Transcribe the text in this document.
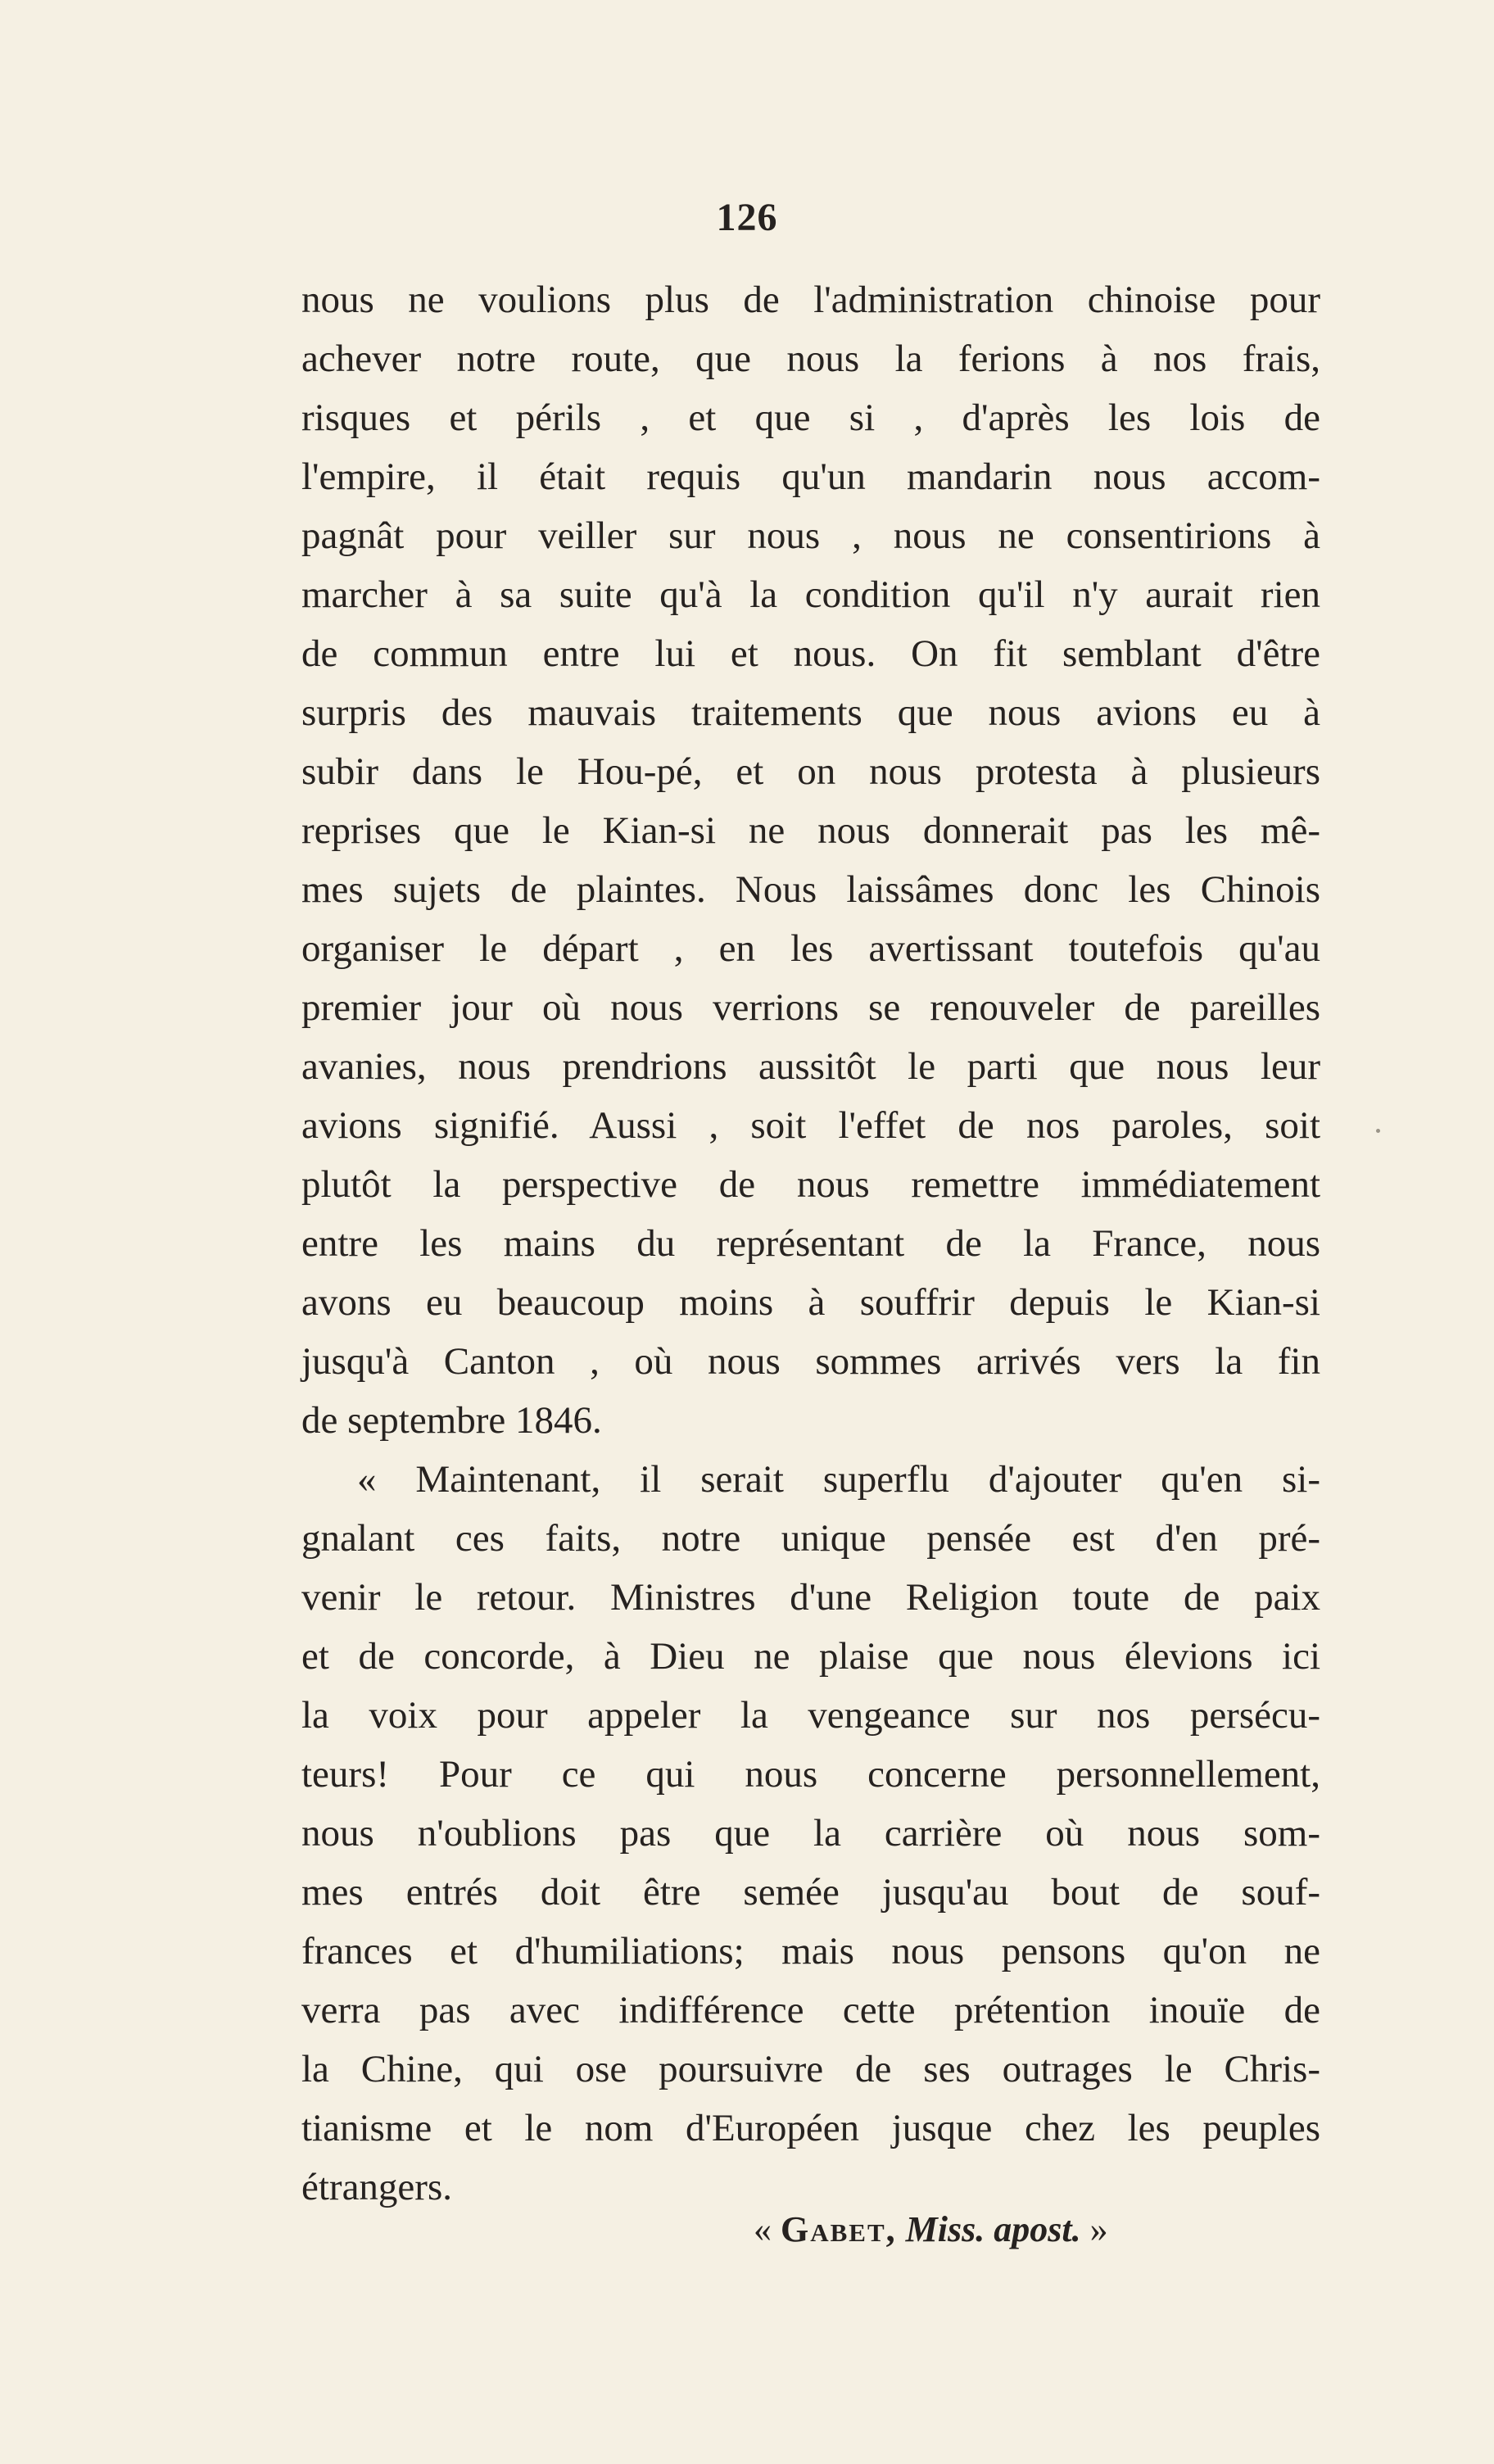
126
nous ne voulions plus de l'administration chinoise pour
achever notre route, que nous la ferions à nos frais,
risques et périls , et que si , d'après les lois de
l'empire, il était requis qu'un mandarin nous accom-
pagnât pour veiller sur nous , nous ne consentirions à
marcher à sa suite qu'à la condition qu'il n'y aurait rien
de commun entre lui et nous. On fit semblant d'être
surpris des mauvais traitements que nous avions eu à
subir dans le Hou-pé, et on nous protesta à plusieurs
reprises que le Kian-si ne nous donnerait pas les mê-
mes sujets de plaintes. Nous laissâmes donc les Chinois
organiser le départ , en les avertissant toutefois qu'au
premier jour où nous verrions se renouveler de pareilles
avanies, nous prendrions aussitôt le parti que nous leur
avions signifié. Aussi , soit l'effet de nos paroles, soit
plutôt la perspective de nous remettre immédiatement
entre les mains du représentant de la France, nous
avons eu beaucoup moins à souffrir depuis le Kian-si
jusqu'à Canton , où nous sommes arrivés vers la fin
de septembre 1846.
« Maintenant, il serait superflu d'ajouter qu'en si-
gnalant ces faits, notre unique pensée est d'en pré-
venir le retour. Ministres d'une Religion toute de paix
et de concorde, à Dieu ne plaise que nous élevions ici
la voix pour appeler la vengeance sur nos persécu-
teurs! Pour ce qui nous concerne personnellement,
nous n'oublions pas que la carrière où nous som-
mes entrés doit être semée jusqu'au bout de souf-
frances et d'humiliations; mais nous pensons qu'on ne
verra pas avec indifférence cette prétention inouïe de
la Chine, qui ose poursuivre de ses outrages le Chris-
tianisme et le nom d'Européen jusque chez les peuples
étrangers.
« Gabet, Miss. apost. »
